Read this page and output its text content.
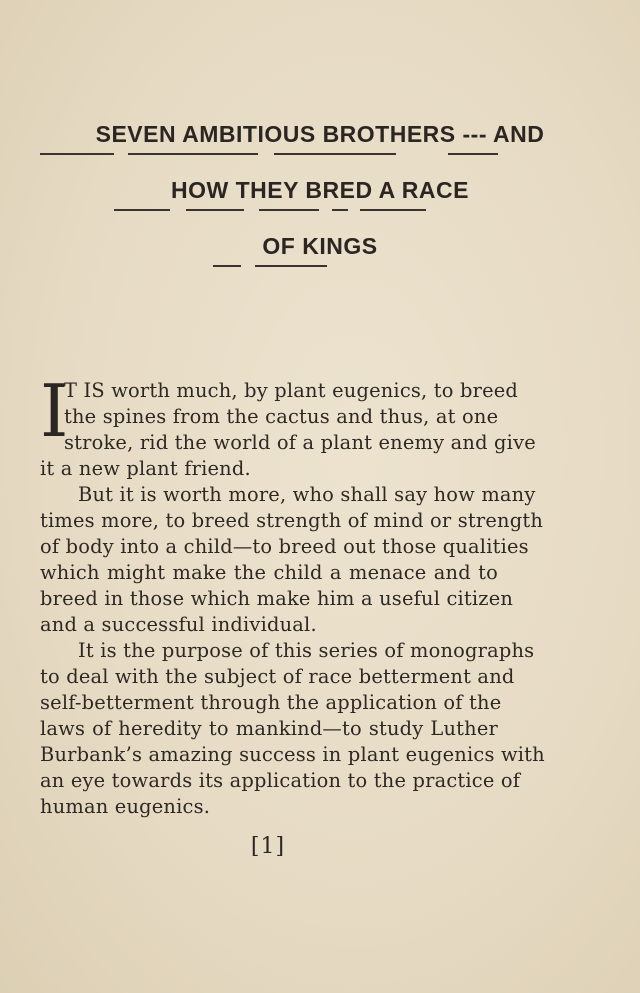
SEVEN AMBITIOUS BROTHERS --- AND
HOW THEY BRED A RACE
OF KINGS
I
T IS worth much, by plant eugenics, to breed
the spines from the cactus and thus, at one
stroke, rid the world of a plant enemy and give
it a new plant friend.
But it is worth more, who shall say how many
times more, to breed strength of mind or strength
of body into a child—to breed out those qualities
which might make the child a menace and to
breed in those which make him a useful citizen
and a successful individual.
It is the purpose of this series of monographs
to deal with the subject of race betterment and
self-betterment through the application of the
laws of heredity to mankind—to study Luther
Burbank’s amazing success in plant eugenics with
an eye towards its application to the practice of
human eugenics.
[1]
